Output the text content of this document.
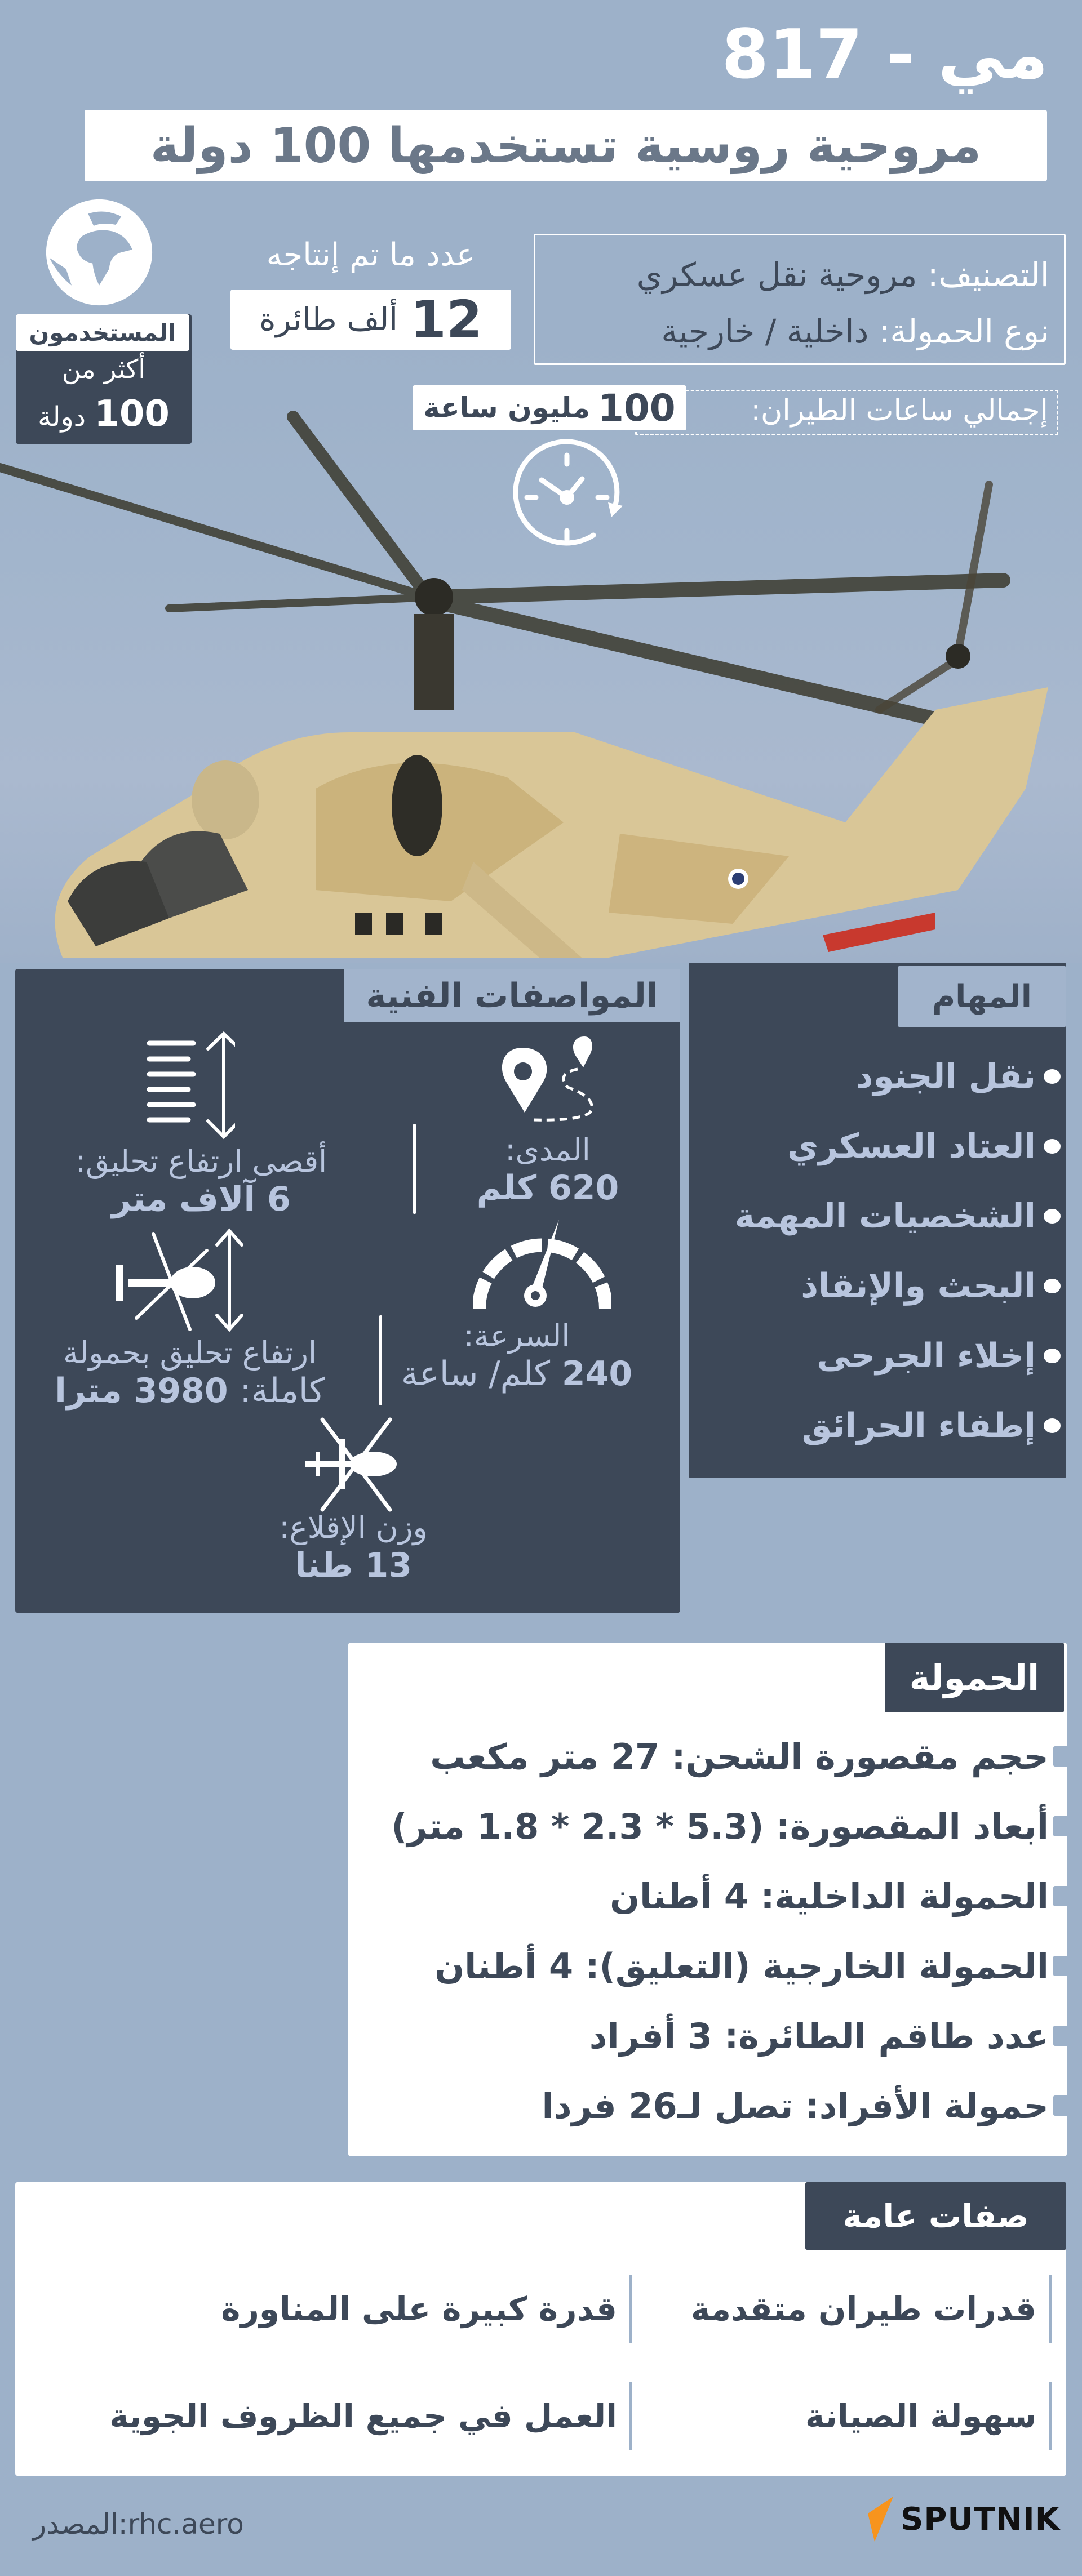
مي - 817
مروحية روسية تستخدمها 100 دولة
المستخدمون
أكثر من
100 دولة
عدد ما تم إنتاجه
12
ألف طائرة
التصنيف: مروحية نقل عسكري
نوع الحمولة: داخلية / خارجية
إجمالي ساعات الطيران:
100
مليون ساعة
المواصفات الفنية
المدى:
620 كلم
أقصى ارتفاع تحليق:
6 آلاف متر
السرعة:
240 كلم/ ساعة
ارتفاع تحليق بحمولة
كاملة: 3980 مترا
وزن الإقلاع:
13 طنا
المهام
نقل الجنود
العتاد العسكري
الشخصيات المهمة
البحث والإنقاذ
إخلاء الجرحى
إطفاء الحرائق
الحمولة
حجم مقصورة الشحن: 27 متر مكعب
أبعاد المقصورة: (5.3 * 2.3 * 1.8 متر)
الحمولة الداخلية: 4 أطنان
الحمولة الخارجية (التعليق): 4 أطنان
عدد طاقم الطائرة: 3 أفراد
حمولة الأفراد: تصل لـ26 فردا
صفات عامة
قدرات طيران متقدمة
قدرة كبيرة على المناورة
سهولة الصيانة
العمل في جميع الظروف الجوية
المصدر:rhc.aero	SPUTNIK
